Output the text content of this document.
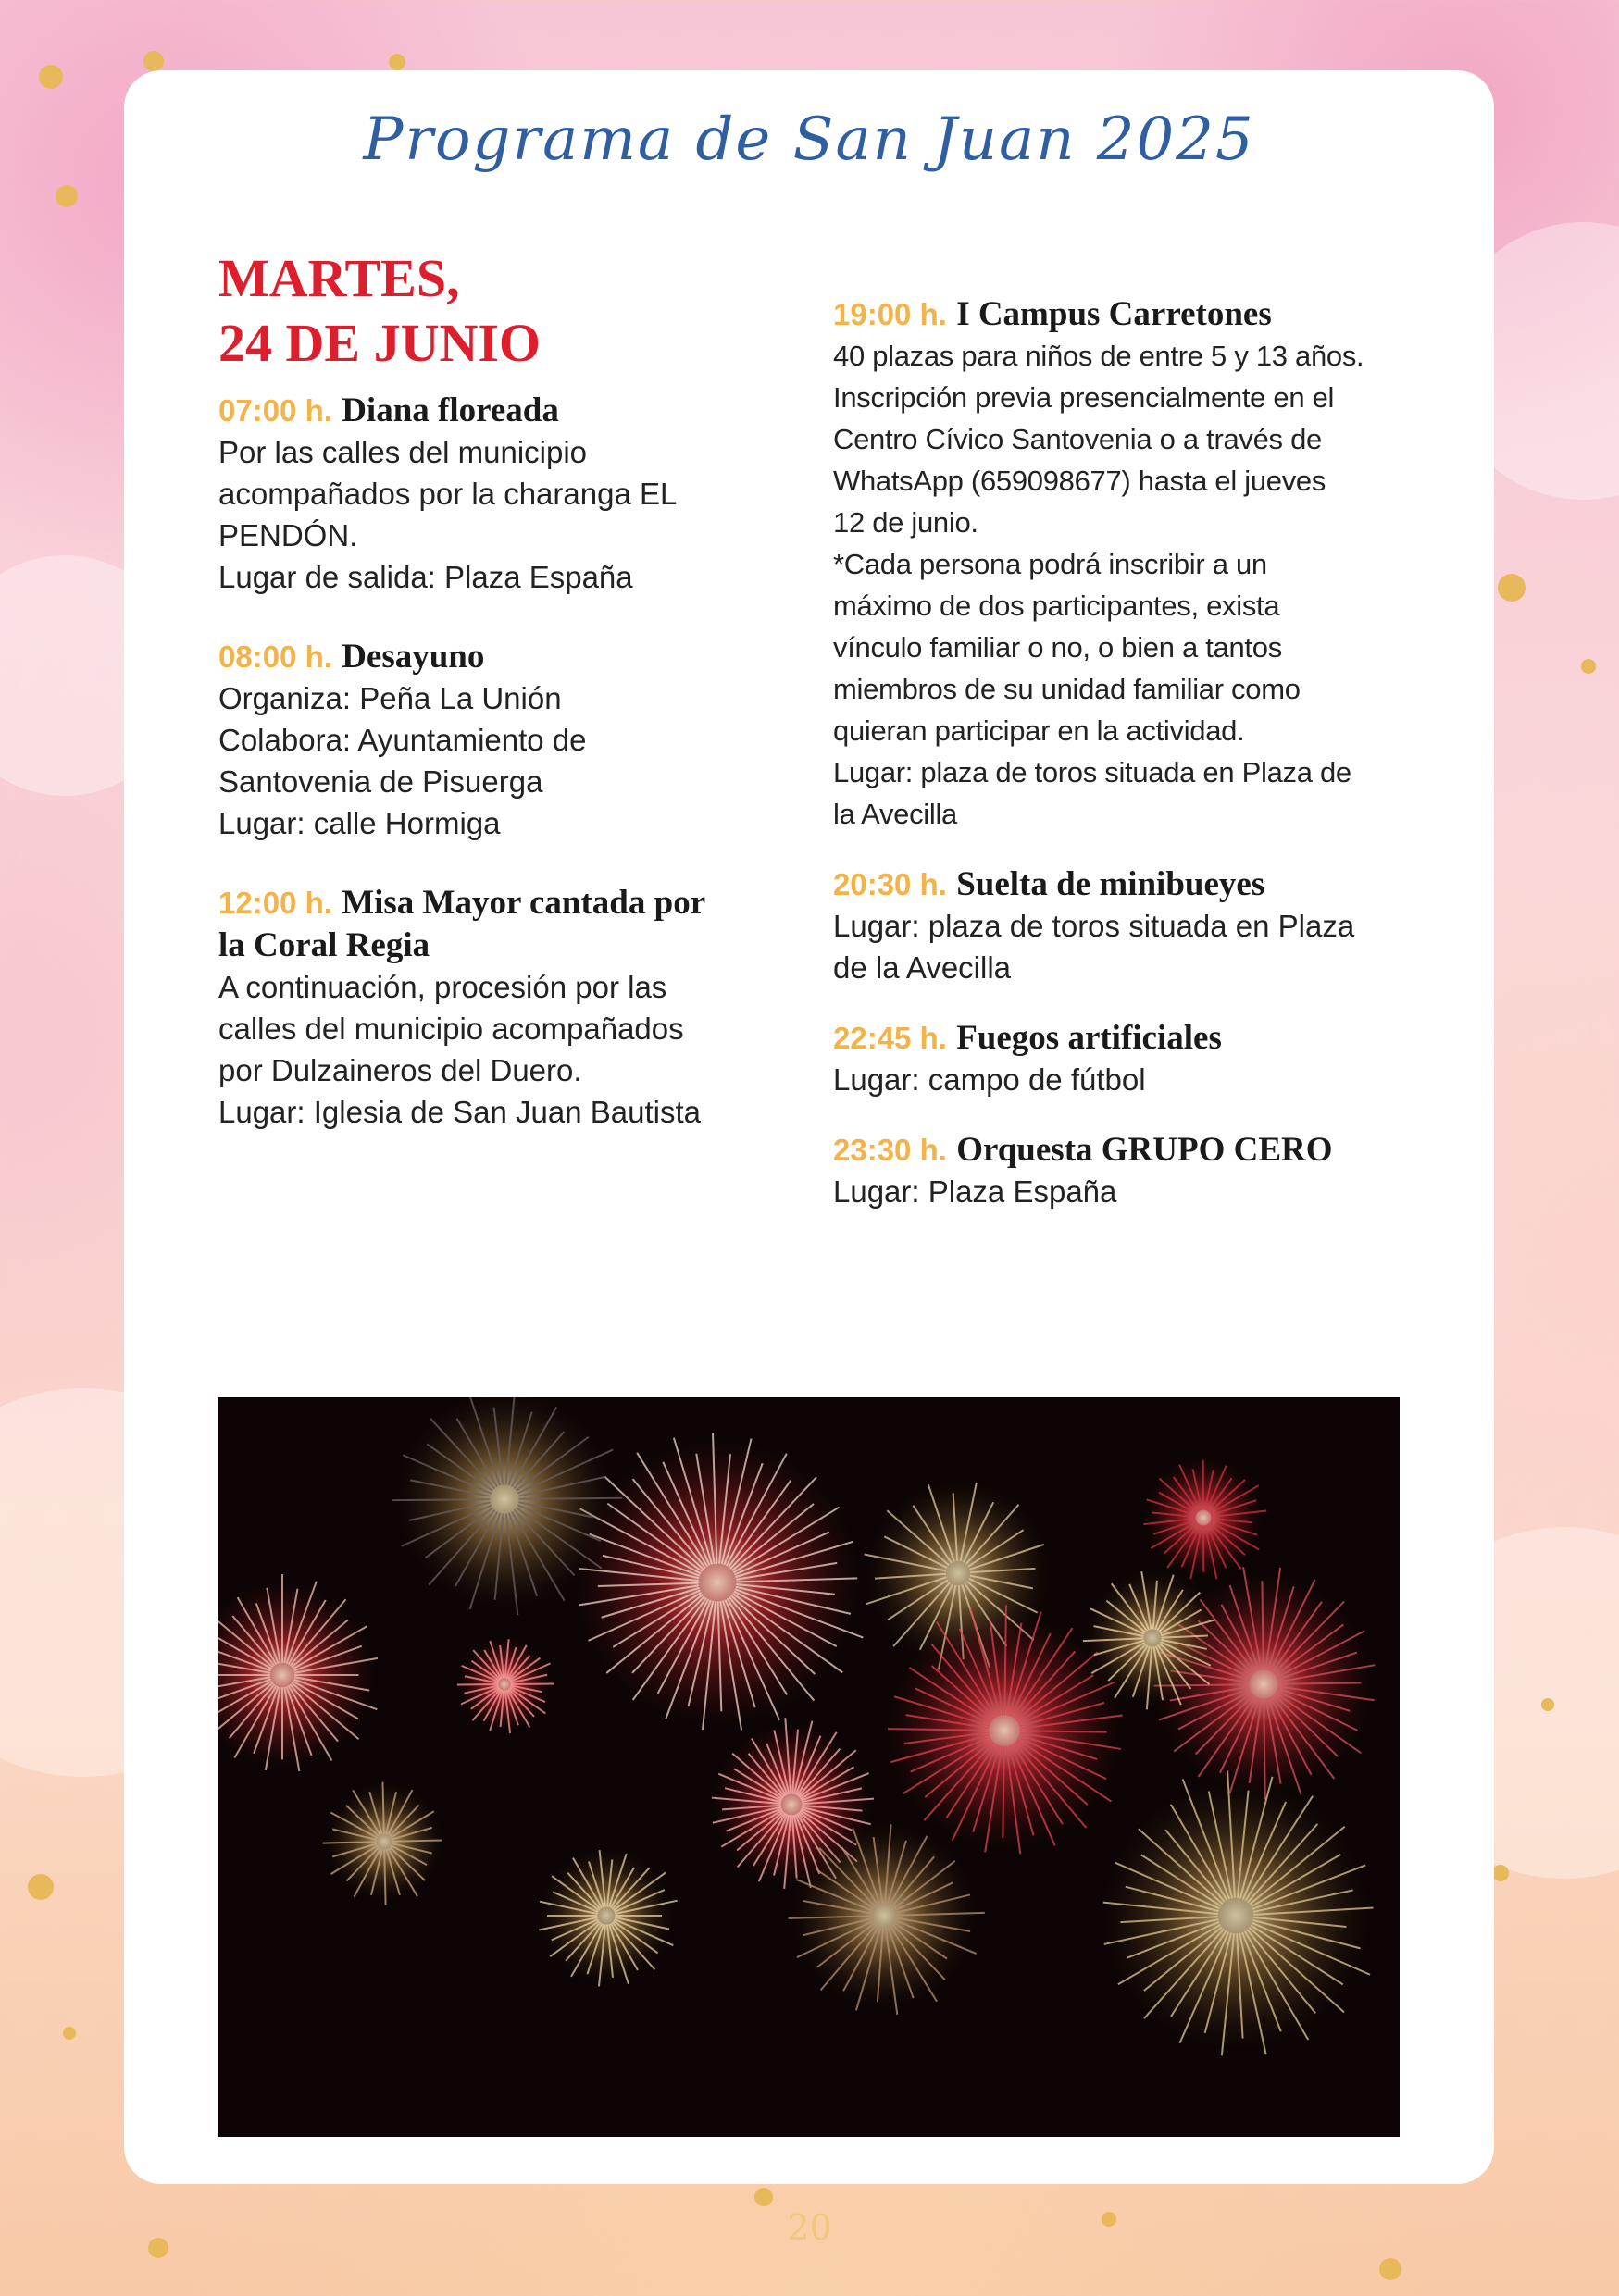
Programa de San Juan 2025
MARTES,
24 DE JUNIO

07:00 h. Diana floreada

Por las calles del municipio

acompañados por la charanga EL

PENDÓN.

Lugar de salida: Plaza España

08:00 h. Desayuno

Organiza: Peña La Unión

Colabora: Ayuntamiento de

Santovenia de Pisuerga

Lugar: calle Hormiga

12:00 h. Misa Mayor cantada por

la Coral Regia

A continuación, procesión por las

calles del municipio acompañados

por Dulzaineros del Duero.

Lugar: Iglesia de San Juan Bautista

19:00 h. I Campus Carretones

40 plazas para niños de entre 5 y 13 años.

Inscripción previa presencialmente en el

Centro Cívico Santovenia o a través de

WhatsApp (659098677) hasta el jueves

12 de junio.

*Cada persona podrá inscribir a un

máximo de dos participantes, exista

vínculo familiar o no, o bien a tantos

miembros de su unidad familiar como

quieran participar en la actividad.

Lugar: plaza de toros situada en Plaza de

la Avecilla

20:30 h. Suelta de minibueyes

Lugar: plaza de toros situada en Plaza

de la Avecilla

22:45 h. Fuegos artificiales

Lugar: campo de fútbol

23:30 h. Orquesta GRUPO CERO

Lugar: Plaza España

20
